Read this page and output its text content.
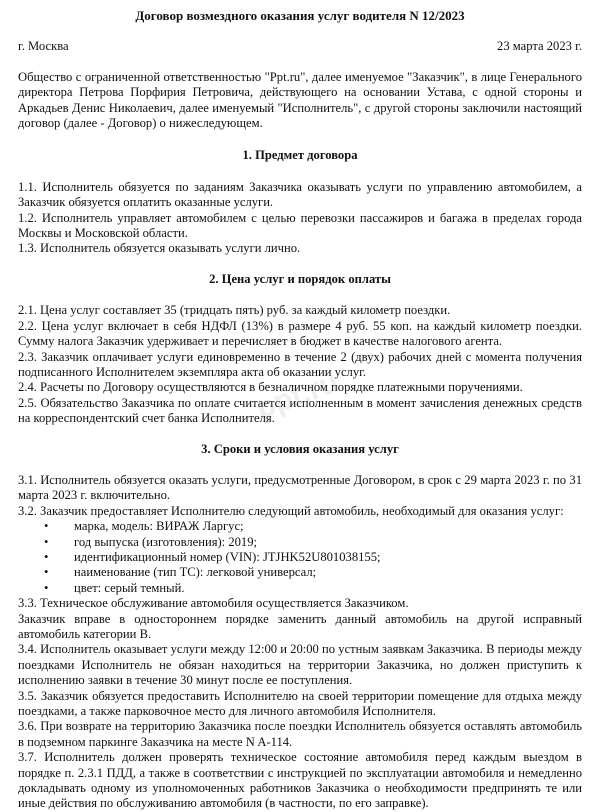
ppt.ru
Договор возмездного оказания услуг водителя N 12/2023
г. Москва	23 марта 2023 г.

Общество с ограниченной ответственностью "Ppt.ru", далее именуемое "Заказчик", в лице Генерального директора Петрова Порфирия Петровича, действующего на основании Устава, с одной стороны и Аркадьев Денис Николаевич, далее именуемый "Исполнитель", с другой стороны заключили настоящий договор (далее - Договор) о нижеследующем.

1. Предмет договора

1.1. Исполнитель обязуется по заданиям Заказчика оказывать услуги по управлению автомобилем, а Заказчик обязуется оплатить оказанные услуги.

1.2. Исполнитель управляет автомобилем с целью перевозки пассажиров и багажа в пределах города Москвы и Московской области.

1.3. Исполнитель обязуется оказывать услуги лично.

2. Цена услуг и порядок оплаты

2.1. Цена услуг составляет 35 (тридцать пять) руб. за каждый километр поездки.

2.2. Цена услуг включает в себя НДФЛ (13%) в размере 4 руб. 55 коп. на каждый километр поездки. Сумму налога Заказчик удерживает и перечисляет в бюджет в качестве налогового агента.

2.3. Заказчик оплачивает услуги единовременно в течение 2 (двух) рабочих дней с момента получения подписанного Исполнителем экземпляра акта об оказании услуг.

2.4. Расчеты по Договору осуществляются в безналичном порядке платежными поручениями.

2.5. Обязательство Заказчика по оплате считается исполненным в момент зачисления денежных средств на корреспондентский счет банка Исполнителя.

3. Сроки и условия оказания услуг

3.1. Исполнитель обязуется оказать услуги, предусмотренные Договором, в срок с 29 марта 2023 г. по 31 марта 2023 г. включительно.

3.2. Заказчик предоставляет Исполнителю следующий автомобиль, необходимый для оказания услуг:

• марка, модель: ВИРАЖ Ларгус;
• год выпуска (изготовления): 2019;
• идентификационный номер (VIN): JTJHK52U801038155;
• наименование (тип ТС): легковой универсал;
• цвет: серый темный.

3.3. Техническое обслуживание автомобиля осуществляется Заказчиком.

Заказчик вправе в одностороннем порядке заменить данный автомобиль на другой исправный автомобиль категории B.

3.4. Исполнитель оказывает услуги между 12:00 и 20:00 по устным заявкам Заказчика. В периоды между поездками Исполнитель не обязан находиться на территории Заказчика, но должен приступить к исполнению заявки в течение 30 минут после ее поступления.

3.5. Заказчик обязуется предоставить Исполнителю на своей территории помещение для отдыха между поездками, а также парковочное место для личного автомобиля Исполнителя.

3.6. При возврате на территорию Заказчика после поездки Исполнитель обязуется оставлять автомобиль в подземном паркинге Заказчика на месте N A-114.

3.7. Исполнитель должен проверять техническое состояние автомобиля перед каждым выездом в порядке п. 2.3.1 ПДД, а также в соответствии с инструкцией по эксплуатации автомобиля и немедленно докладывать одному из уполномоченных работников Заказчика о необходимости предпринять те или иные действия по обслуживанию автомобиля (в частности, по его заправке).
